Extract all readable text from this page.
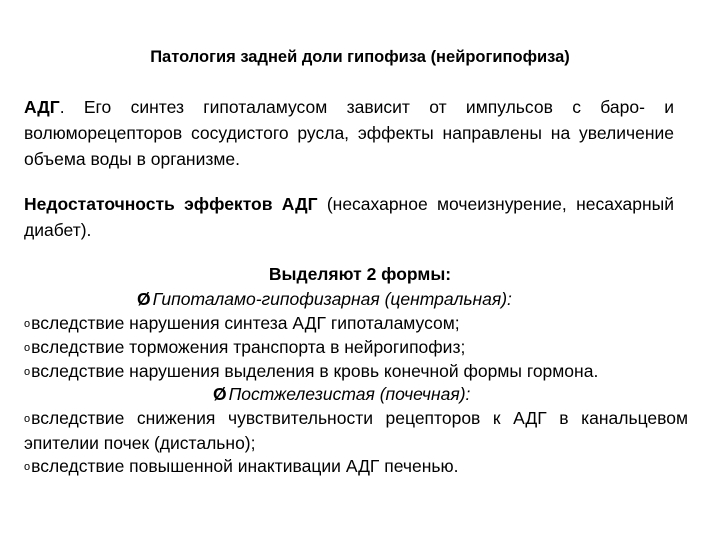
Патология задней доли гипофиза (нейрогипофиза)
АДГ. Его синтез гипоталамусом зависит от импульсов с баро- и волюморецепторов сосудистого русла, эффекты направлены на увеличение объема воды в организме.
Недостаточность эффектов АДГ (несахарное мочеизнурение, несахарный диабет).
Выделяют 2 формы:
Ø Гипоталамо-гипофизарная (центральная):
oвследствие нарушения синтеза АДГ гипоталамусом;
oвследствие торможения транспорта в нейрогипофиз;
oвследствие нарушения выделения в кровь конечной формы гормона.
Ø Постжелезистая (почечная):
oвследствие снижения чувствительности рецепторов к АДГ в канальцевом эпителии почек (дистально);
oвследствие повышенной инактивации АДГ печенью.
